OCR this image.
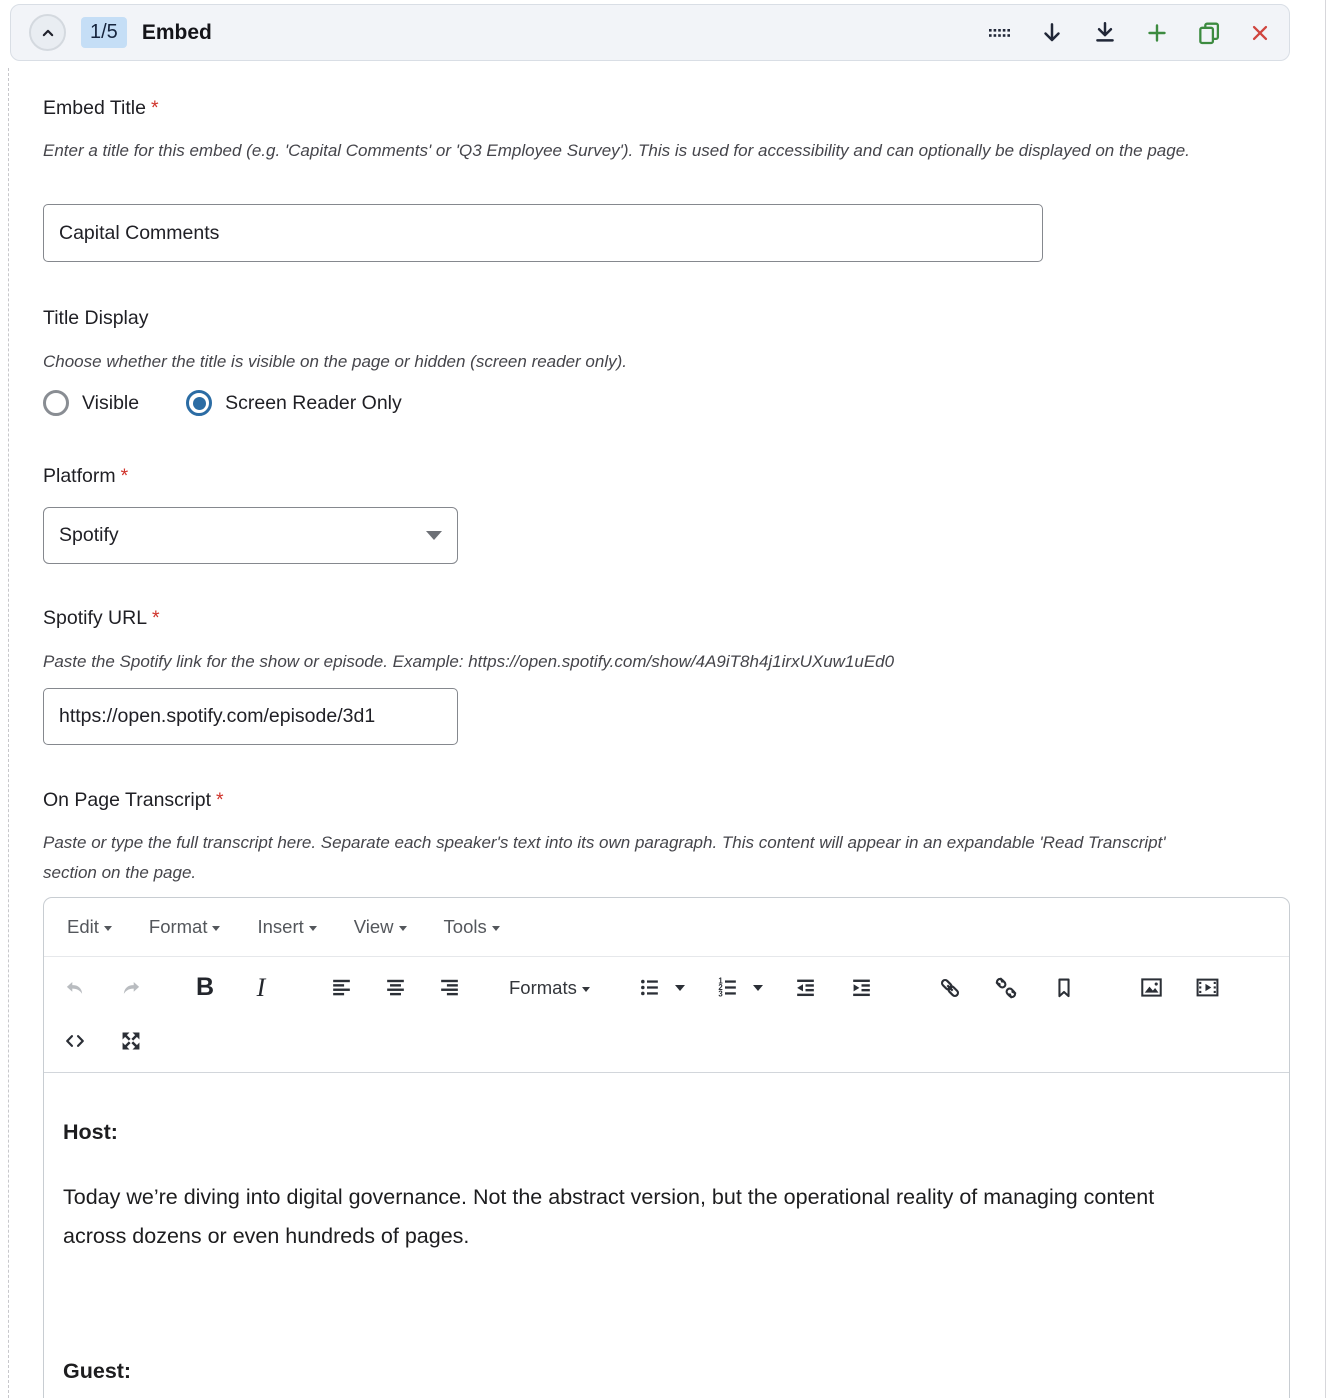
1/5	Embed
Embed Title *
Enter a title for this embed (e.g. 'Capital Comments' or 'Q3 Employee Survey'). This is used for accessibility and can optionally be displayed on the page.
Capital Comments
Title Display
Choose whether the title is visible on the page or hidden (screen reader only).
Visible	Screen Reader Only
Platform *
Spotify
Spotify URL *
Paste the Spotify link for the show or episode. Example: https://open.spotify.com/show/4A9iT8h4j1irxUXuw1uEd0
https://open.spotify.com/episode/3d1
On Page Transcript *
Paste or type the full transcript here. Separate each speaker's text into its own paragraph. This content will appear in an expandable 'Read Transcript' section on the page.
Edit	Format	Insert	View	Tools
B I	Formats	1
2
3

Host:

Today we’re diving into digital governance. Not the abstract version, but the operational reality of managing content across dozens or even hundreds of pages.

Guest:
